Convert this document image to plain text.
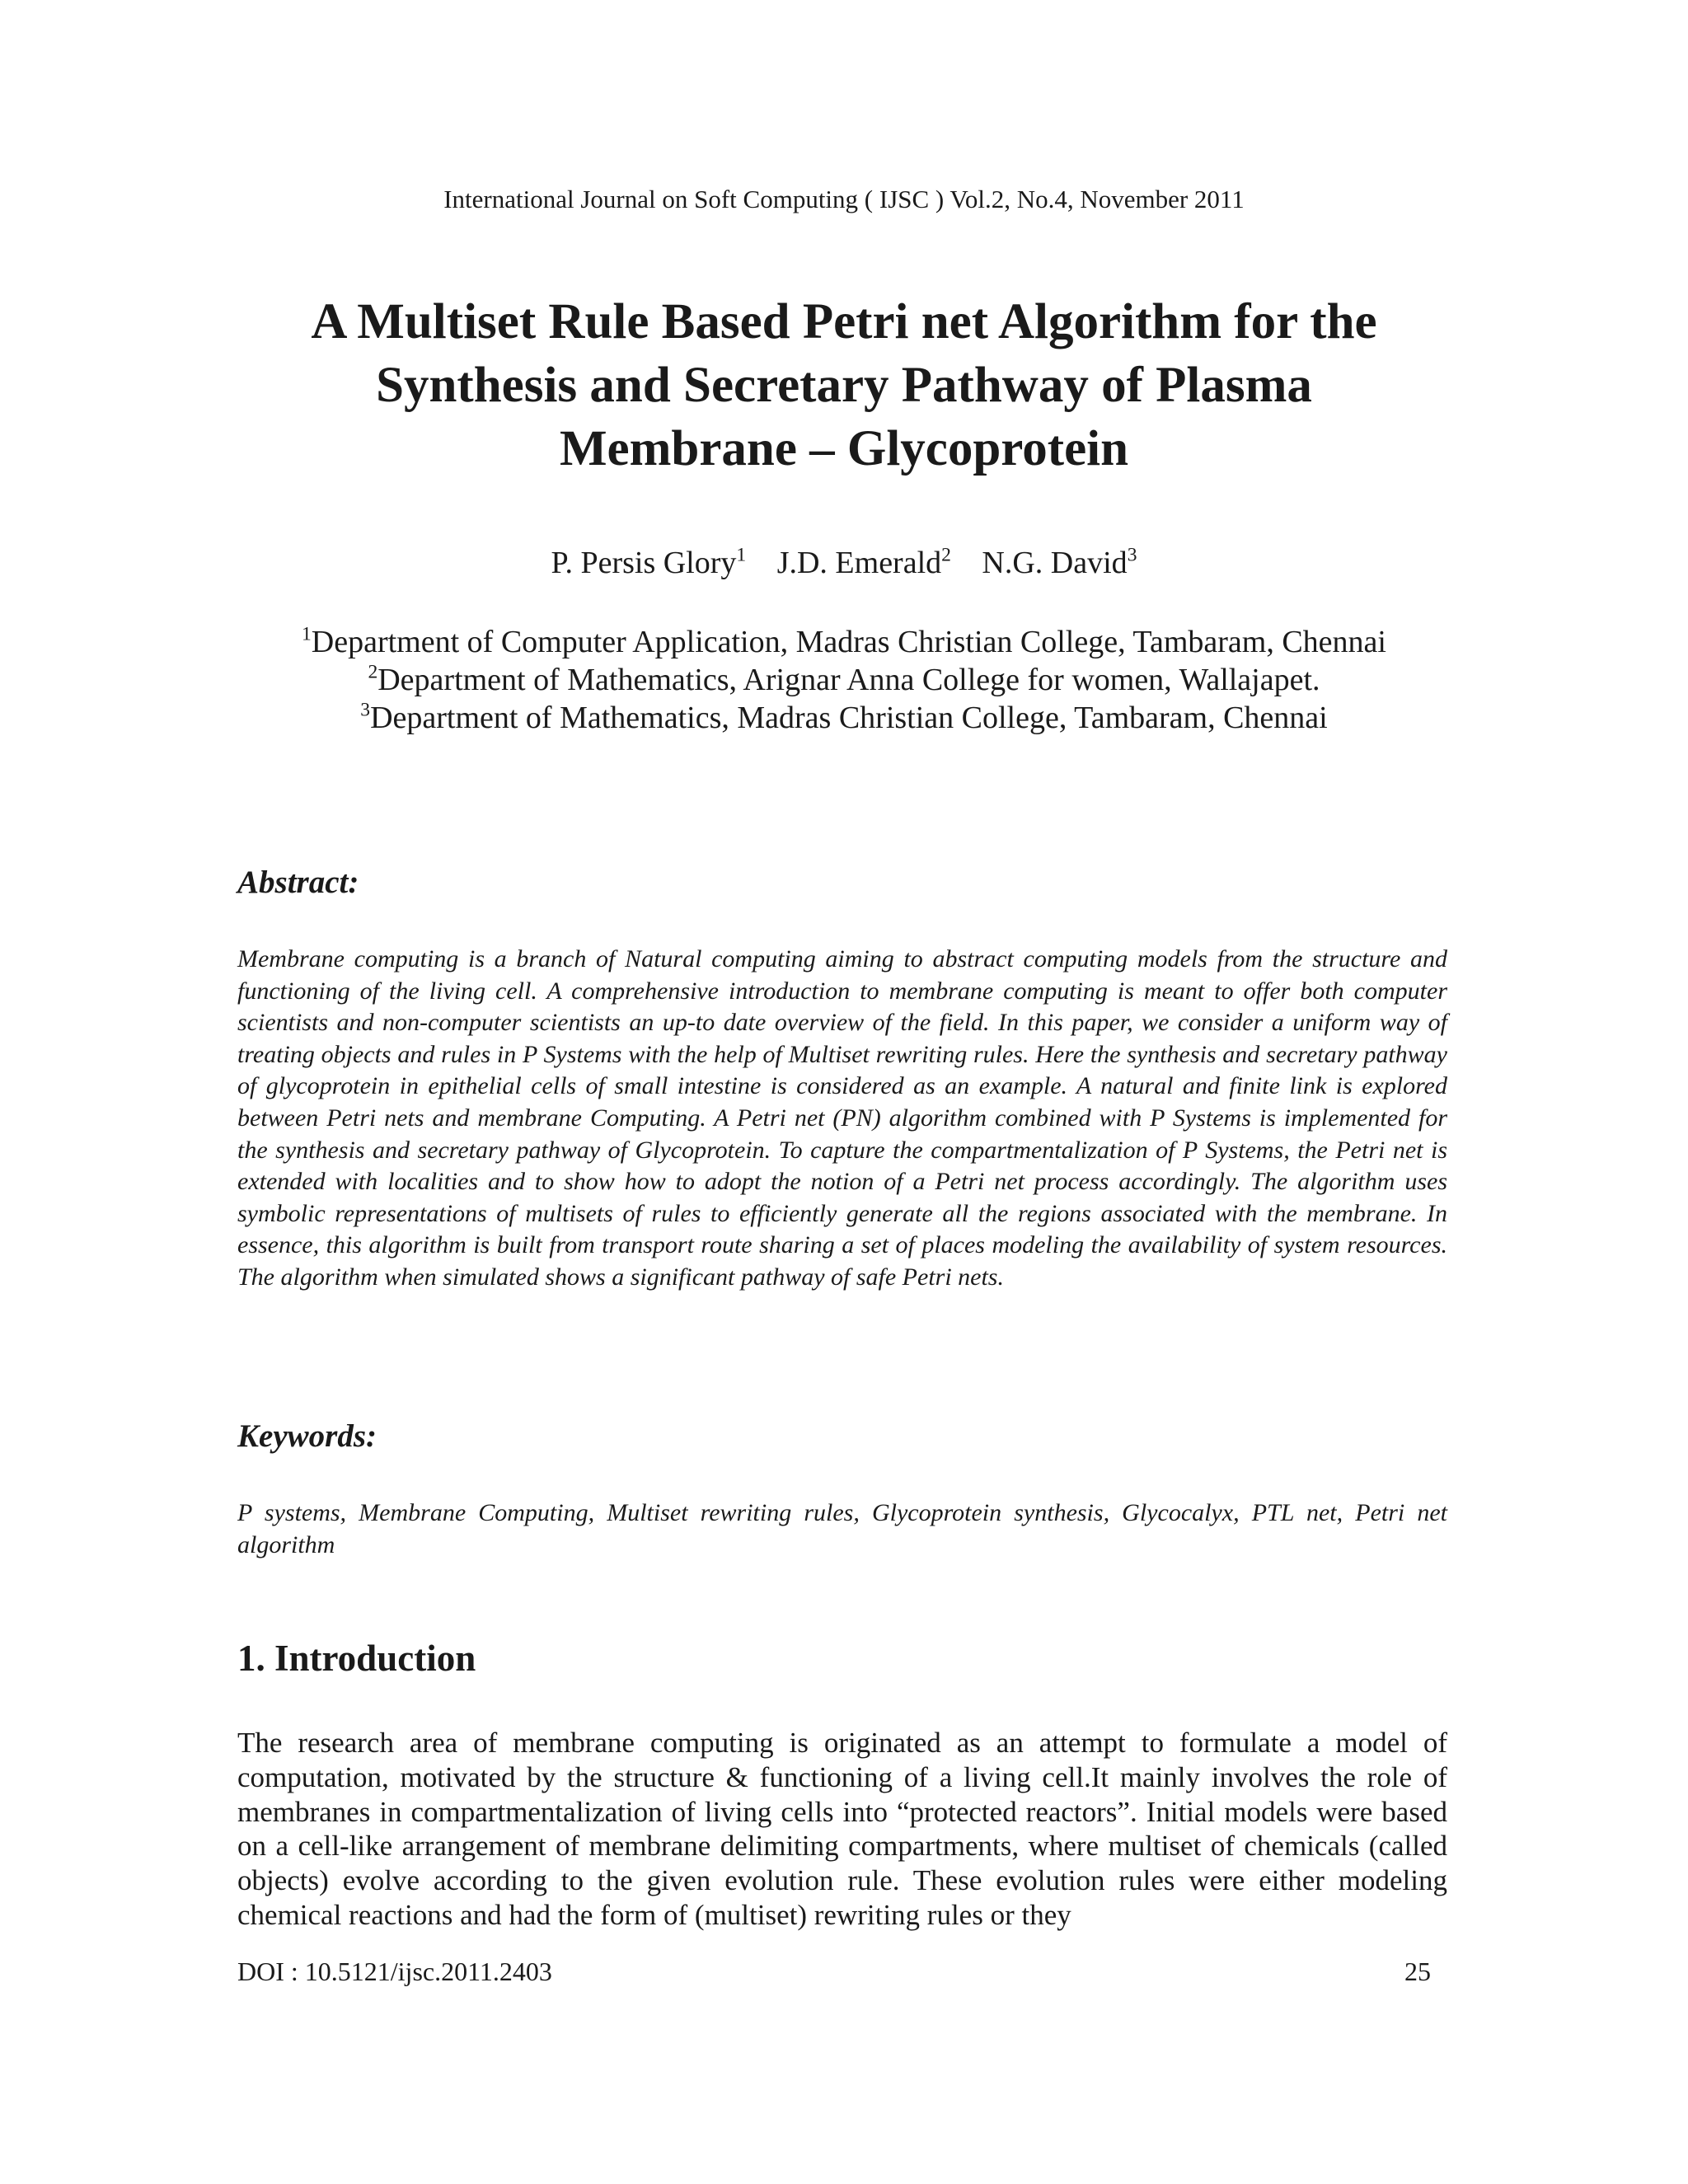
International Journal on Soft Computing ( IJSC ) Vol.2, No.4, November 2011
A Multiset Rule Based Petri net Algorithm for the
Synthesis and Secretary Pathway of Plasma
Membrane – Glycoprotein
P. Persis Glory$^1$ J.D. Emerald$^2$ N.G. David$^3$
$^1$Department of Computer Application, Madras Christian College, Tambaram, Chennai
$^2$Department of Mathematics, Arignar Anna College for women, Wallajapet.
$^3$Department of Mathematics, Madras Christian College, Tambaram, Chennai
Abstract:

Membrane computing is a branch of Natural computing aiming to abstract computing models from the structure and functioning of the living cell. A comprehensive introduction to membrane computing is meant to offer both computer scientists and non-computer scientists an up-to date overview of the field. In this paper, we consider a uniform way of treating objects and rules in P Systems with the help of Multiset rewriting rules. Here the synthesis and secretary pathway of glycoprotein in epithelial cells of small intestine is considered as an example. A natural and finite link is explored between Petri nets and membrane Computing. A Petri net (PN) algorithm combined with P Systems is implemented for the synthesis and secretary pathway of Glycoprotein. To capture the compartmentalization of P Systems, the Petri net is extended with localities and to show how to adopt the notion of a Petri net process accordingly. The algorithm uses symbolic representations of multisets of rules to efficiently generate all the regions associated with the membrane. In essence, this algorithm is built from transport route sharing a set of places modeling the availability of system resources. The algorithm when simulated shows a significant pathway of safe Petri nets.

Keywords:

P systems, Membrane Computing, Multiset rewriting rules, Glycoprotein synthesis, Glycocalyx, PTL net, Petri net algorithm

1. Introduction

The research area of membrane computing is originated as an attempt to formulate a model of computation, motivated by the structure & functioning of a living cell.It mainly involves the role of membranes in compartmentalization of living cells into “protected reactors”. Initial models were based on a cell-like arrangement of membrane delimiting compartments, where multiset of chemicals (called objects) evolve according to the given evolution rule. These evolution rules were either modeling chemical reactions and had the form of (multiset) rewriting rules or they

DOI : 10.5121/ijsc.2011.2403	25
